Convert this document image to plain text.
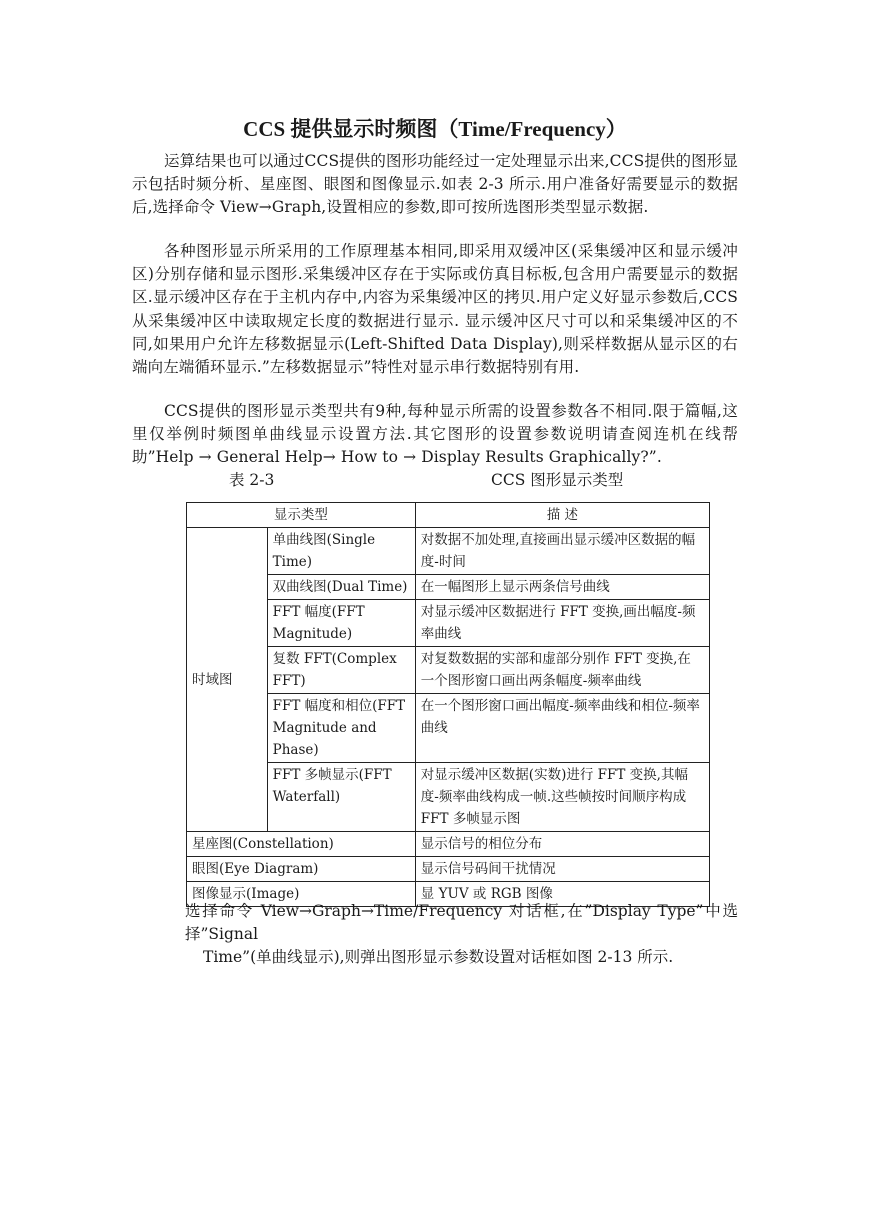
CCS 提供显示时频图（Time/Frequency）

运算结果也可以通过CCS提供的图形功能经过一定处理显示出来,CCS提供的图形显示包括时频分析、星座图、眼图和图像显示.如表 2-3 所示.用户准备好需要显示的数据后,选择命令 View→Graph,设置相应的参数,即可按所选图形类型显示数据.

各种图形显示所采用的工作原理基本相同,即采用双缓冲区(采集缓冲区和显示缓冲区)分别存储和显示图形.采集缓冲区存在于实际或仿真目标板,包含用户需要显示的数据区.显示缓冲区存在于主机内存中,内容为采集缓冲区的拷贝.用户定义好显示参数后,CCS 从采集缓冲区中读取规定长度的数据进行显示. 显示缓冲区尺寸可以和采集缓冲区的不同,如果用户允许左移数据显示(Left-Shifted Data Display),则采样数据从显示区的右端向左端循环显示.”左移数据显示”特性对显示串行数据特别有用.

CCS提供的图形显示类型共有9种,每种显示所需的设置参数各不相同.限于篇幅,这里仅举例时频图单曲线显示设置方法.其它图形的设置参数说明请查阅连机在线帮助”Help → General Help→ How to → Display Results Graphically?”.

表 2-3	CCS 图形显示类型
显示类型		描 述
时域图	单曲线图(Single Time)	对数据不加处理,直接画出显示缓冲区数据的幅度-时间
	双曲线图(Dual Time)	在一幅图形上显示两条信号曲线
	FFT 幅度(FFT Magnitude)	对显示缓冲区数据进行 FFT 变换,画出幅度-频率曲线
	复数 FFT(Complex FFT)	对复数数据的实部和虚部分别作 FFT 变换,在一个图形窗口画出两条幅度-频率曲线
	FFT 幅度和相位(FFT Magnitude and Phase)	在一个图形窗口画出幅度-频率曲线和相位-频率曲线
	FFT 多帧显示(FFT Waterfall)	对显示缓冲区数据(实数)进行 FFT 变换,其幅度-频率曲线构成一帧.这些帧按时间顺序构成 FFT 多帧显示图
星座图(Constellation)		显示信号的相位分布
眼图(Eye Diagram)		显示信号码间干扰情况
图像显示(Image)		显 YUV 或 RGB 图像

选择命令 View→Graph→Time/Frequency 对话框,在”Display Type”中选择”Signal

Time”(单曲线显示),则弹出图形显示参数设置对话框如图 2-13 所示.
